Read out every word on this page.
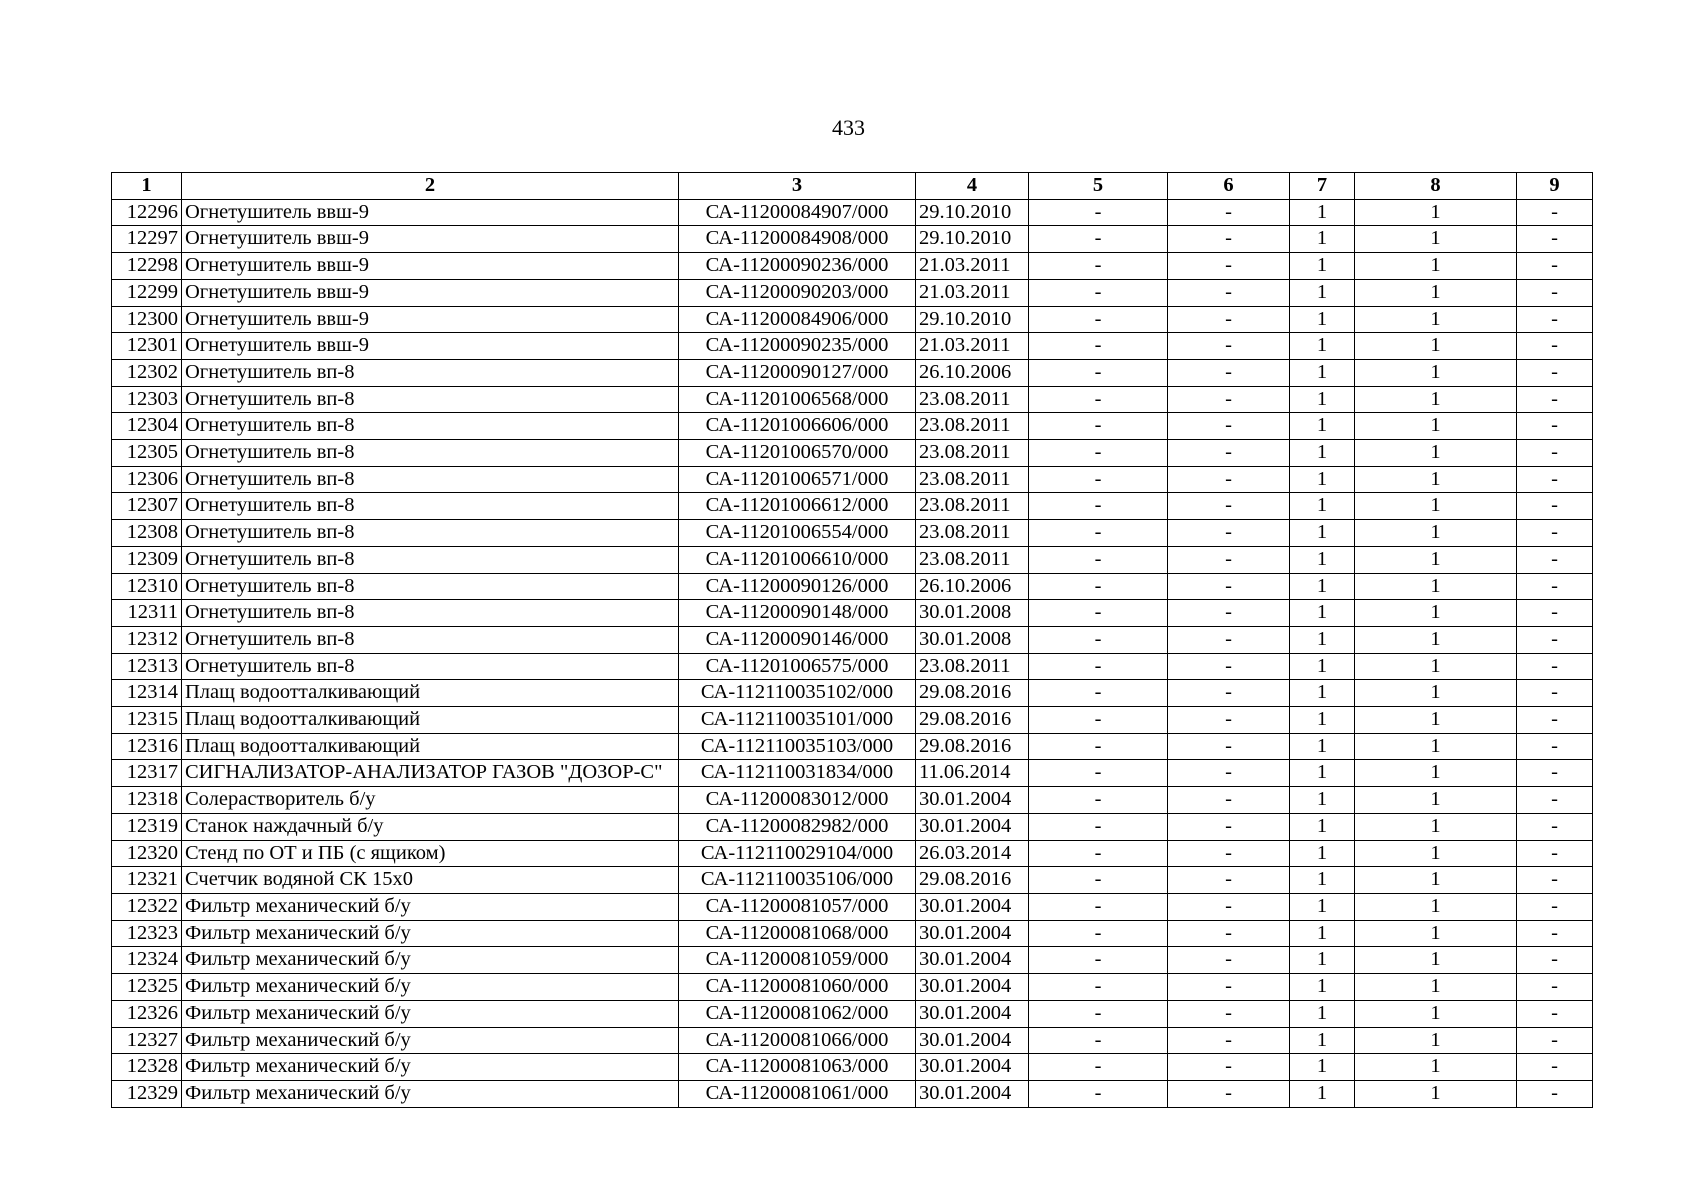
433
1	2	3	4	5	6	7	8	9
12296	Огнетушитель ввш-9	СА-11200084907/000	29.10.2010	-	-	1	1	-
12297	Огнетушитель ввш-9	СА-11200084908/000	29.10.2010	-	-	1	1	-
12298	Огнетушитель ввш-9	СА-11200090236/000	21.03.2011	-	-	1	1	-
12299	Огнетушитель ввш-9	СА-11200090203/000	21.03.2011	-	-	1	1	-
12300	Огнетушитель ввш-9	СА-11200084906/000	29.10.2010	-	-	1	1	-
12301	Огнетушитель ввш-9	СА-11200090235/000	21.03.2011	-	-	1	1	-
12302	Огнетушитель вп-8	СА-11200090127/000	26.10.2006	-	-	1	1	-
12303	Огнетушитель вп-8	СА-11201006568/000	23.08.2011	-	-	1	1	-
12304	Огнетушитель вп-8	СА-11201006606/000	23.08.2011	-	-	1	1	-
12305	Огнетушитель вп-8	СА-11201006570/000	23.08.2011	-	-	1	1	-
12306	Огнетушитель вп-8	СА-11201006571/000	23.08.2011	-	-	1	1	-
12307	Огнетушитель вп-8	СА-11201006612/000	23.08.2011	-	-	1	1	-
12308	Огнетушитель вп-8	СА-11201006554/000	23.08.2011	-	-	1	1	-
12309	Огнетушитель вп-8	СА-11201006610/000	23.08.2011	-	-	1	1	-
12310	Огнетушитель вп-8	СА-11200090126/000	26.10.2006	-	-	1	1	-
12311	Огнетушитель вп-8	СА-11200090148/000	30.01.2008	-	-	1	1	-
12312	Огнетушитель вп-8	СА-11200090146/000	30.01.2008	-	-	1	1	-
12313	Огнетушитель вп-8	СА-11201006575/000	23.08.2011	-	-	1	1	-
12314	Плащ водоотталкивающий	СА-112110035102/000	29.08.2016	-	-	1	1	-
12315	Плащ водоотталкивающий	СА-112110035101/000	29.08.2016	-	-	1	1	-
12316	Плащ водоотталкивающий	СА-112110035103/000	29.08.2016	-	-	1	1	-
12317	СИГНАЛИЗАТОР-АНАЛИЗАТОР ГАЗОВ "ДОЗОР-С"	СА-112110031834/000	11.06.2014	-	-	1	1	-
12318	Солерастворитель б/у	СА-11200083012/000	30.01.2004	-	-	1	1	-
12319	Станок наждачный б/у	СА-11200082982/000	30.01.2004	-	-	1	1	-
12320	Стенд по ОТ и ПБ (с ящиком)	СА-112110029104/000	26.03.2014	-	-	1	1	-
12321	Счетчик водяной СК 15х0	СА-112110035106/000	29.08.2016	-	-	1	1	-
12322	Фильтр механический б/у	СА-11200081057/000	30.01.2004	-	-	1	1	-
12323	Фильтр механический б/у	СА-11200081068/000	30.01.2004	-	-	1	1	-
12324	Фильтр механический б/у	СА-11200081059/000	30.01.2004	-	-	1	1	-
12325	Фильтр механический б/у	СА-11200081060/000	30.01.2004	-	-	1	1	-
12326	Фильтр механический б/у	СА-11200081062/000	30.01.2004	-	-	1	1	-
12327	Фильтр механический б/у	СА-11200081066/000	30.01.2004	-	-	1	1	-
12328	Фильтр механический б/у	СА-11200081063/000	30.01.2004	-	-	1	1	-
12329	Фильтр механический б/у	СА-11200081061/000	30.01.2004	-	-	1	1	-
